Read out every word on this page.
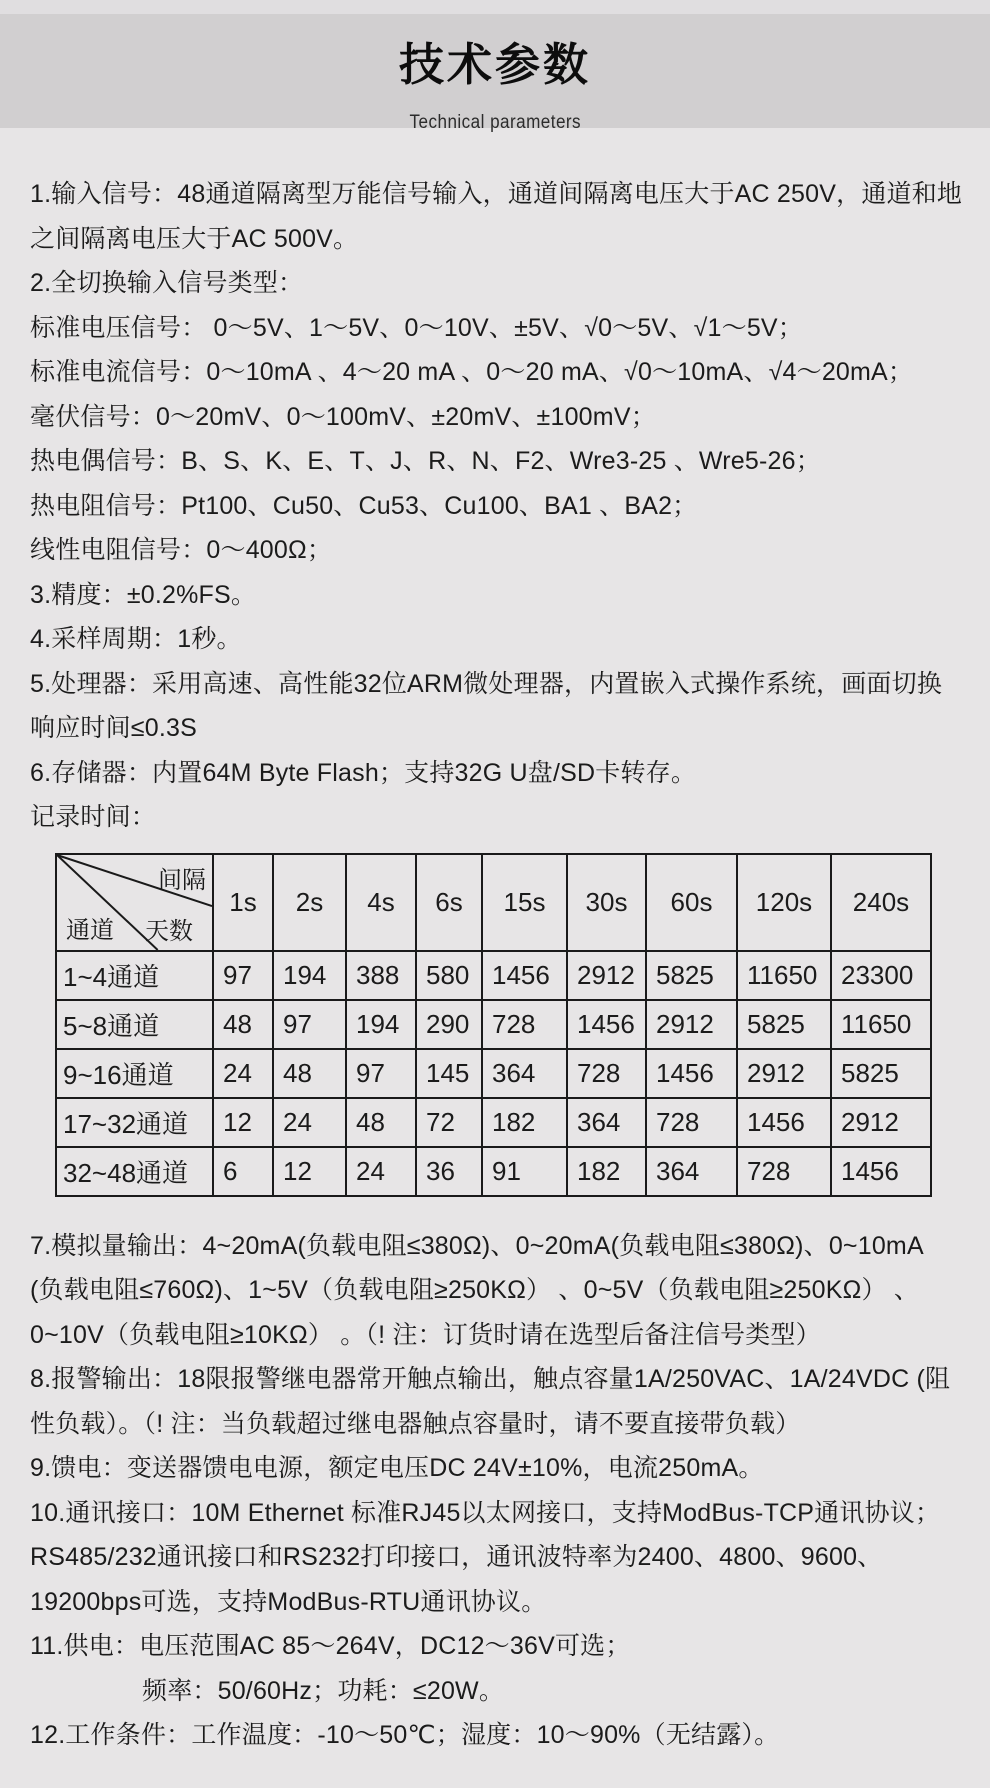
技术参数

Technical parameters
1.输入信号：48通道隔离型万能信号输入，通道间隔离电压大于AC 250V，通道和地
之间隔离电压大于AC 500V。
2.全切换输入信号类型：
标准电压信号： 0～5V、1～5V、0～10V、±5V、√0～5V、√1～5V；
标准电流信号：0～10mA 、4～20 mA 、0～20 mA、√0～10mA、√4～20mA；
毫伏信号：0～20mV、0～100mV、±20mV、±100mV；
热电偶信号：B、S、K、E、T、J、R、N、F2、Wre3-25 、Wre5-26；
热电阻信号：Pt100、Cu50、Cu53、Cu100、BA1 、BA2；
线性电阻信号：0～400Ω；
3.精度：±0.2%FS。
4.采样周期：1秒。
5.处理器：采用高速、高性能32位ARM微处理器，内置嵌入式操作系统，画面切换
响应时间≤0.3S
6.存储器：内置64M Byte Flash；支持32G U盘/SD卡转存。
记录时间：
间隔
天数
通道	1s	2s	4s	6s	15s	30s	60s	120s	240s
1~4通道	97	194	388	580	1456	2912	5825	11650	23300
5~8通道	48	97	194	290	728	1456	2912	5825	11650
9~16通道	24	48	97	145	364	728	1456	2912	5825
17~32通道	12	24	48	72	182	364	728	1456	2912
32~48通道	6	12	24	36	91	182	364	728	1456
7.模拟量输出：4~20mA(负载电阻≤380Ω)、0~20mA(负载电阻≤380Ω)、0~10mA
(负载电阻≤760Ω)、1~5V（负载电阻≥250KΩ） 、0~5V（负载电阻≥250KΩ） 、
0~10V（负载电阻≥10KΩ） 。（! 注：订货时请在选型后备注信号类型）
8.报警输出：18限报警继电器常开触点输出，触点容量1A/250VAC、1A/24VDC (阻
性负载）。（! 注：当负载超过继电器触点容量时，请不要直接带负载）
9.馈电：变送器馈电电源，额定电压DC 24V±10%，电流250mA。
10.通讯接口：10M Ethernet 标准RJ45以太网接口，支持ModBus-TCP通讯协议；
RS485/232通讯接口和RS232打印接口，通讯波特率为2400、4800、9600、
19200bps可选，支持ModBus-RTU通讯协议。
11.供电：电压范围AC 85～264V，DC12～36V可选；
频率：50/60Hz；功耗：≤20W。
12.工作条件：工作温度：-10～50℃；湿度：10～90%（无结露）。
